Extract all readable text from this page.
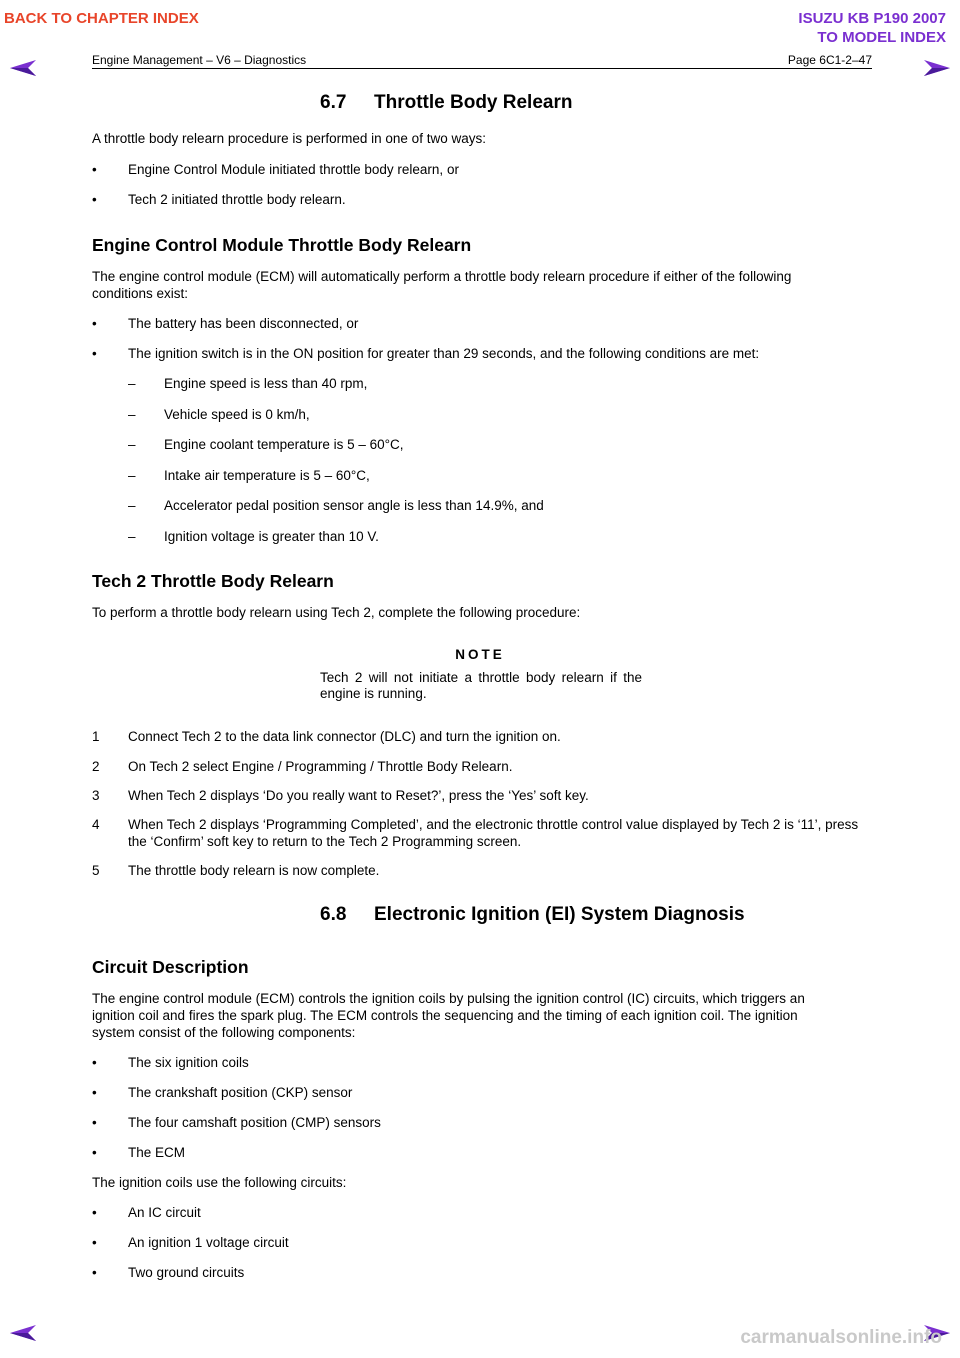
BACK TO CHAPTER INDEX	ISUZU KB P190 2007
TO MODEL INDEX
Engine Management – V6 – Diagnostics	Page 6C1-2–47
6.7 Throttle Body Relearn
A throttle body relearn procedure is performed in one of two ways:
• Engine Control Module initiated throttle body relearn, or
• Tech 2 initiated throttle body relearn.
Engine Control Module Throttle Body Relearn
The engine control module (ECM) will automatically perform a throttle body relearn procedure if either of the following
conditions exist:
• The battery has been disconnected, or
• The ignition switch is in the ON position for greater than 29 seconds, and the following conditions are met:
– Engine speed is less than 40 rpm,
– Vehicle speed is 0 km/h,
– Engine coolant temperature is 5 – 60°C,
– Intake air temperature is 5 – 60°C,
– Accelerator pedal position sensor angle is less than 14.9%, and
– Ignition voltage is greater than 10 V.
Tech 2 Throttle Body Relearn
To perform a throttle body relearn using Tech 2, complete the following procedure:
NOTE
Tech 2 will not initiate a throttle body relearn if the engine is running.
1 Connect Tech 2 to the data link connector (DLC) and turn the ignition on.
2 On Tech 2 select Engine / Programming / Throttle Body Relearn.
3 When Tech 2 displays ‘Do you really want to Reset?’, press the ‘Yes’ soft key.
4 When Tech 2 displays ‘Programming Completed’, and the electronic throttle control value displayed by Tech 2 is ‘11’, press the ‘Confirm’ soft key to return to the Tech 2 Programming screen.
5 The throttle body relearn is now complete.
6.8 Electronic Ignition (EI) System Diagnosis
Circuit Description
The engine control module (ECM) controls the ignition coils by pulsing the ignition control (IC) circuits, which triggers an
ignition coil and fires the spark plug. The ECM controls the sequencing and the timing of each ignition coil. The ignition
system consist of the following components:
• The six ignition coils
• The crankshaft position (CKP) sensor
• The four camshaft position (CMP) sensors
• The ECM
The ignition coils use the following circuits:
• An IC circuit
• An ignition 1 voltage circuit
• Two ground circuits
carmanualsonline.info
